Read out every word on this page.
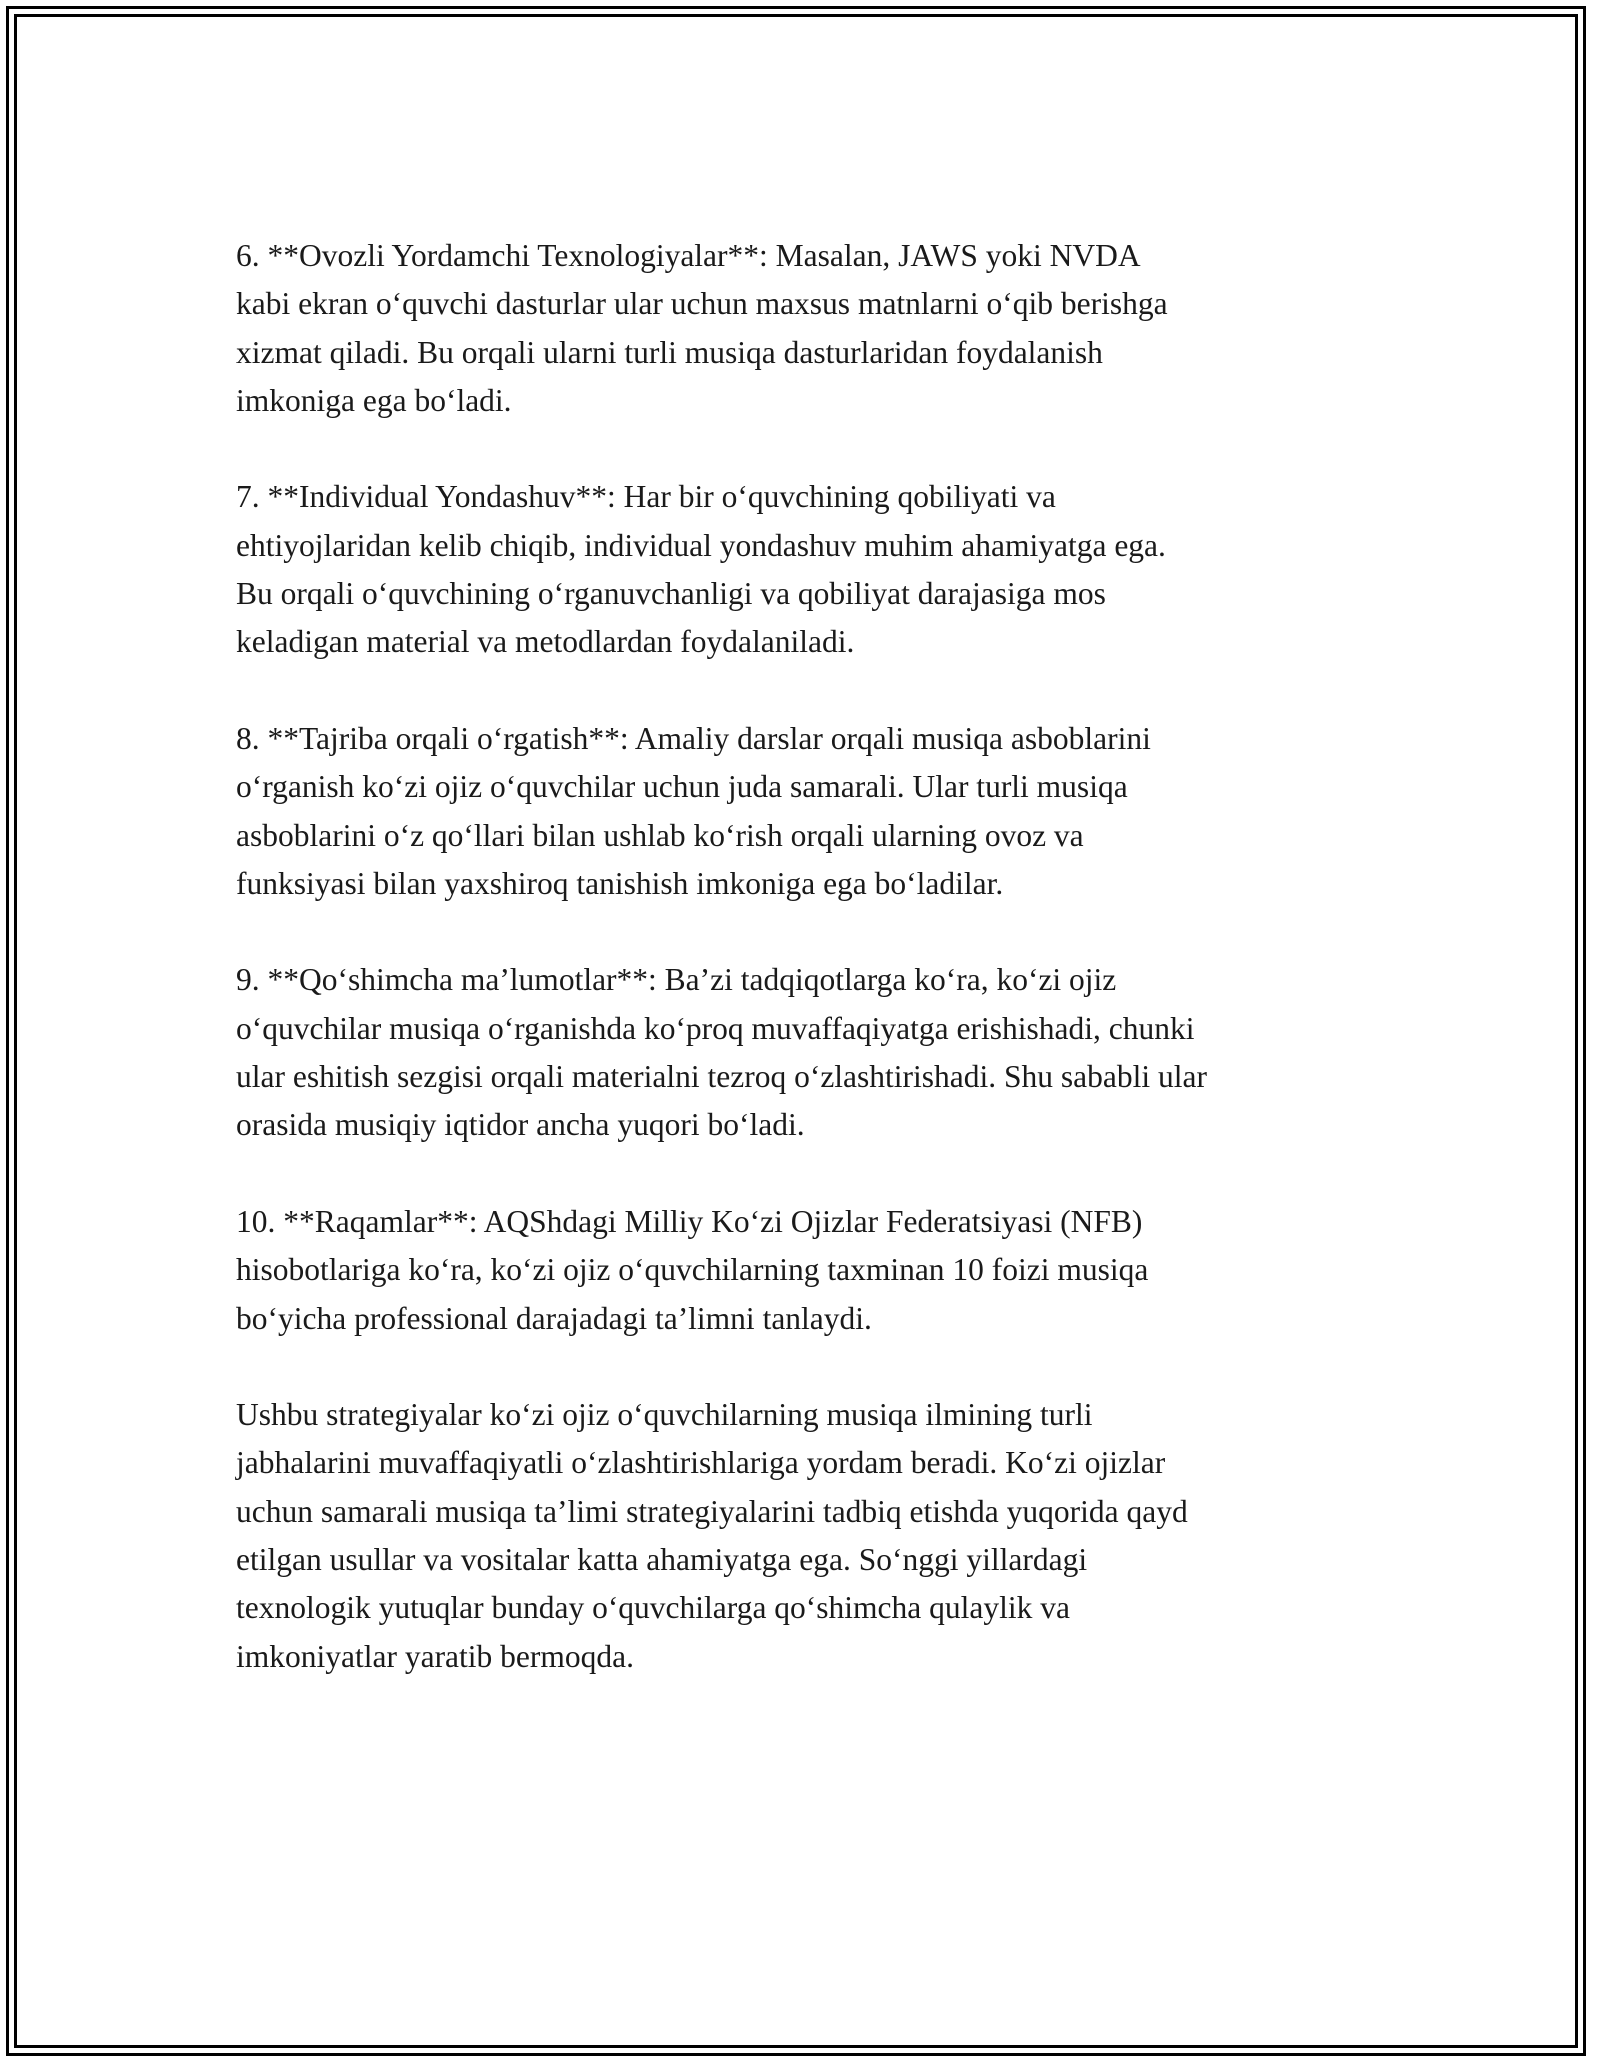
6. **Ovozli Yordamchi Texnologiyalar**: Masalan, JAWS yoki NVDA
kabi ekran o‘quvchi dasturlar ular uchun maxsus matnlarni o‘qib berishga
xizmat qiladi. Bu orqali ularni turli musiqa dasturlaridan foydalanish
imkoniga ega bo‘ladi.

7. **Individual Yondashuv**: Har bir o‘quvchining qobiliyati va
ehtiyojlaridan kelib chiqib, individual yondashuv muhim ahamiyatga ega.
Bu orqali o‘quvchining o‘rganuvchanligi va qobiliyat darajasiga mos
keladigan material va metodlardan foydalaniladi.

8. **Tajriba orqali o‘rgatish**: Amaliy darslar orqali musiqa asboblarini
o‘rganish ko‘zi ojiz o‘quvchilar uchun juda samarali. Ular turli musiqa
asboblarini o‘z qo‘llari bilan ushlab ko‘rish orqali ularning ovoz va
funksiyasi bilan yaxshiroq tanishish imkoniga ega bo‘ladilar.

9. **Qo‘shimcha ma’lumotlar**: Ba’zi tadqiqotlarga ko‘ra, ko‘zi ojiz
o‘quvchilar musiqa o‘rganishda ko‘proq muvaffaqiyatga erishishadi, chunki
ular eshitish sezgisi orqali materialni tezroq o‘zlashtirishadi. Shu sababli ular
orasida musiqiy iqtidor ancha yuqori bo‘ladi.

10. **Raqamlar**: AQShdagi Milliy Ko‘zi Ojizlar Federatsiyasi (NFB)
hisobotlariga ko‘ra, ko‘zi ojiz o‘quvchilarning taxminan 10 foizi musiqa
bo‘yicha professional darajadagi ta’limni tanlaydi.

Ushbu strategiyalar ko‘zi ojiz o‘quvchilarning musiqa ilmining turli
jabhalarini muvaffaqiyatli o‘zlashtirishlariga yordam beradi. Ko‘zi ojizlar
uchun samarali musiqa ta’limi strategiyalarini tadbiq etishda yuqorida qayd
etilgan usullar va vositalar katta ahamiyatga ega. So‘nggi yillardagi
texnologik yutuqlar bunday o‘quvchilarga qo‘shimcha qulaylik va
imkoniyatlar yaratib bermoqda.
